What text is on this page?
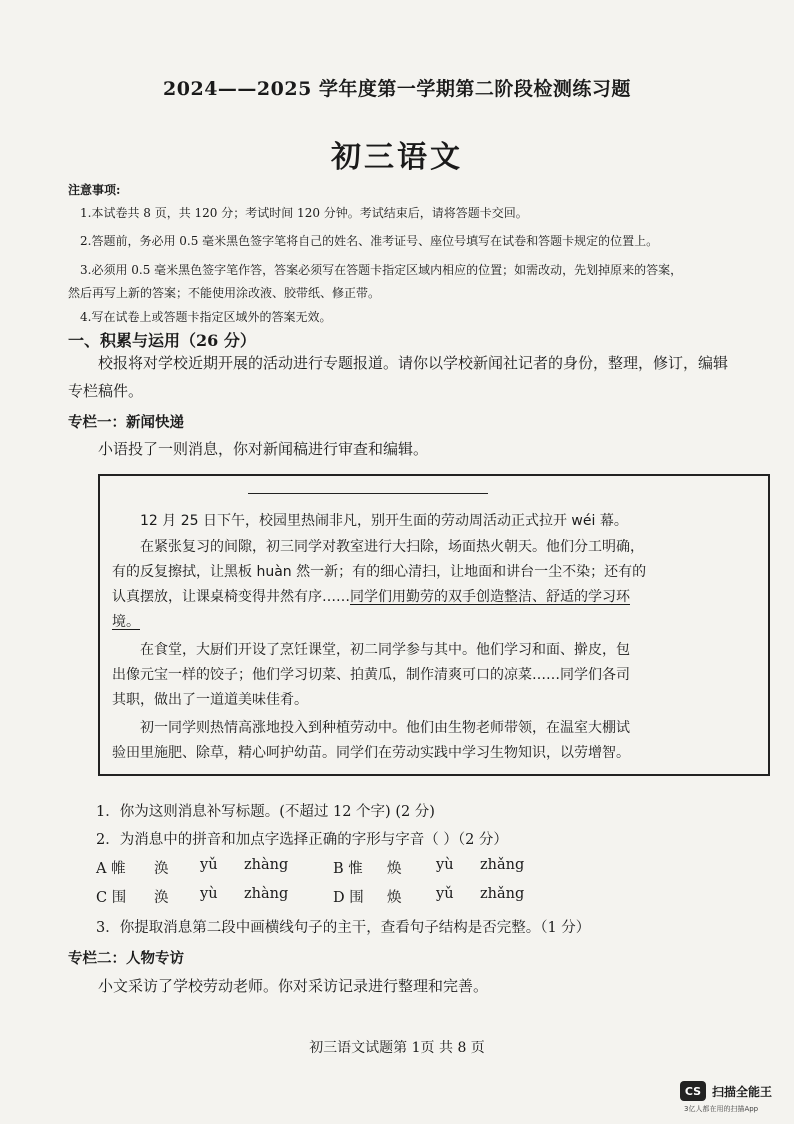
2024——2025 学年度第一学期第二阶段检测练习题
初三语文
注意事项:
1.本试卷共 8 页，共 120 分；考试时间 120 分钟。考试结束后，请将答题卡交回。
2.答题前，务必用 0.5 毫米黑色签字笔将自己的姓名、准考证号、座位号填写在试卷和答题卡规定的位置上。
3.必须用 0.5 毫米黑色签字笔作答，答案必须写在答题卡指定区域内相应的位置；如需改动，先划掉原来的答案，
然后再写上新的答案；不能使用涂改液、胶带纸、修正带。
4.写在试卷上或答题卡指定区域外的答案无效。
一、积累与运用（26 分）
校报将对学校近期开展的活动进行专题报道。请你以学校新闻社记者的身份，整理，修订，编辑
专栏稿件。
专栏一：新闻快递
小语投了一则消息，你对新闻稿进行审查和编辑。
12 月 25 日下午，校园里热闹非凡，别开生面的劳动周活动正式拉开 wéi 幕。
在紧张复习的间隙，初三同学对教室进行大扫除，场面热火朝天。他们分工明确，
有的反复擦拭，让黑板 huàn 然一新；有的细心清扫，让地面和讲台一尘不染；还有的
认真摆放，让课桌椅变得井然有序……同学们用勤劳的双手创造整洁、舒适的学习环
境。
在食堂，大厨们开设了烹饪课堂，初二同学参与其中。他们学习和面、擀皮，包
出像元宝一样的饺子；他们学习切菜、拍黄瓜，制作清爽可口的凉菜……同学们各司
其职，做出了一道道美味佳肴。
初一同学则热情高涨地投入到种植劳动中。他们由生物老师带领，在温室大棚试
验田里施肥、除草，精心呵护幼苗。同学们在劳动实践中学习生物知识，以劳增智。
1．你为这则消息补写标题。(不超过 12 个字) (2 分)
2．为消息中的拼音和加点字选择正确的字形与字音（ ）（2 分）
A 帷 涣 yǔ zhàng	B 惟 焕 yù zhǎng
C 围 涣 yù zhàng	D 围 焕 yǔ zhǎng
3．你提取消息第二段中画横线句子的主干，查看句子结构是否完整。（1 分）
专栏二：人物专访
小文采访了学校劳动老师。你对采访记录进行整理和完善。
初三语文试题第 1页 共 8 页
CS 扫描全能王
3亿人都在用的扫描App
